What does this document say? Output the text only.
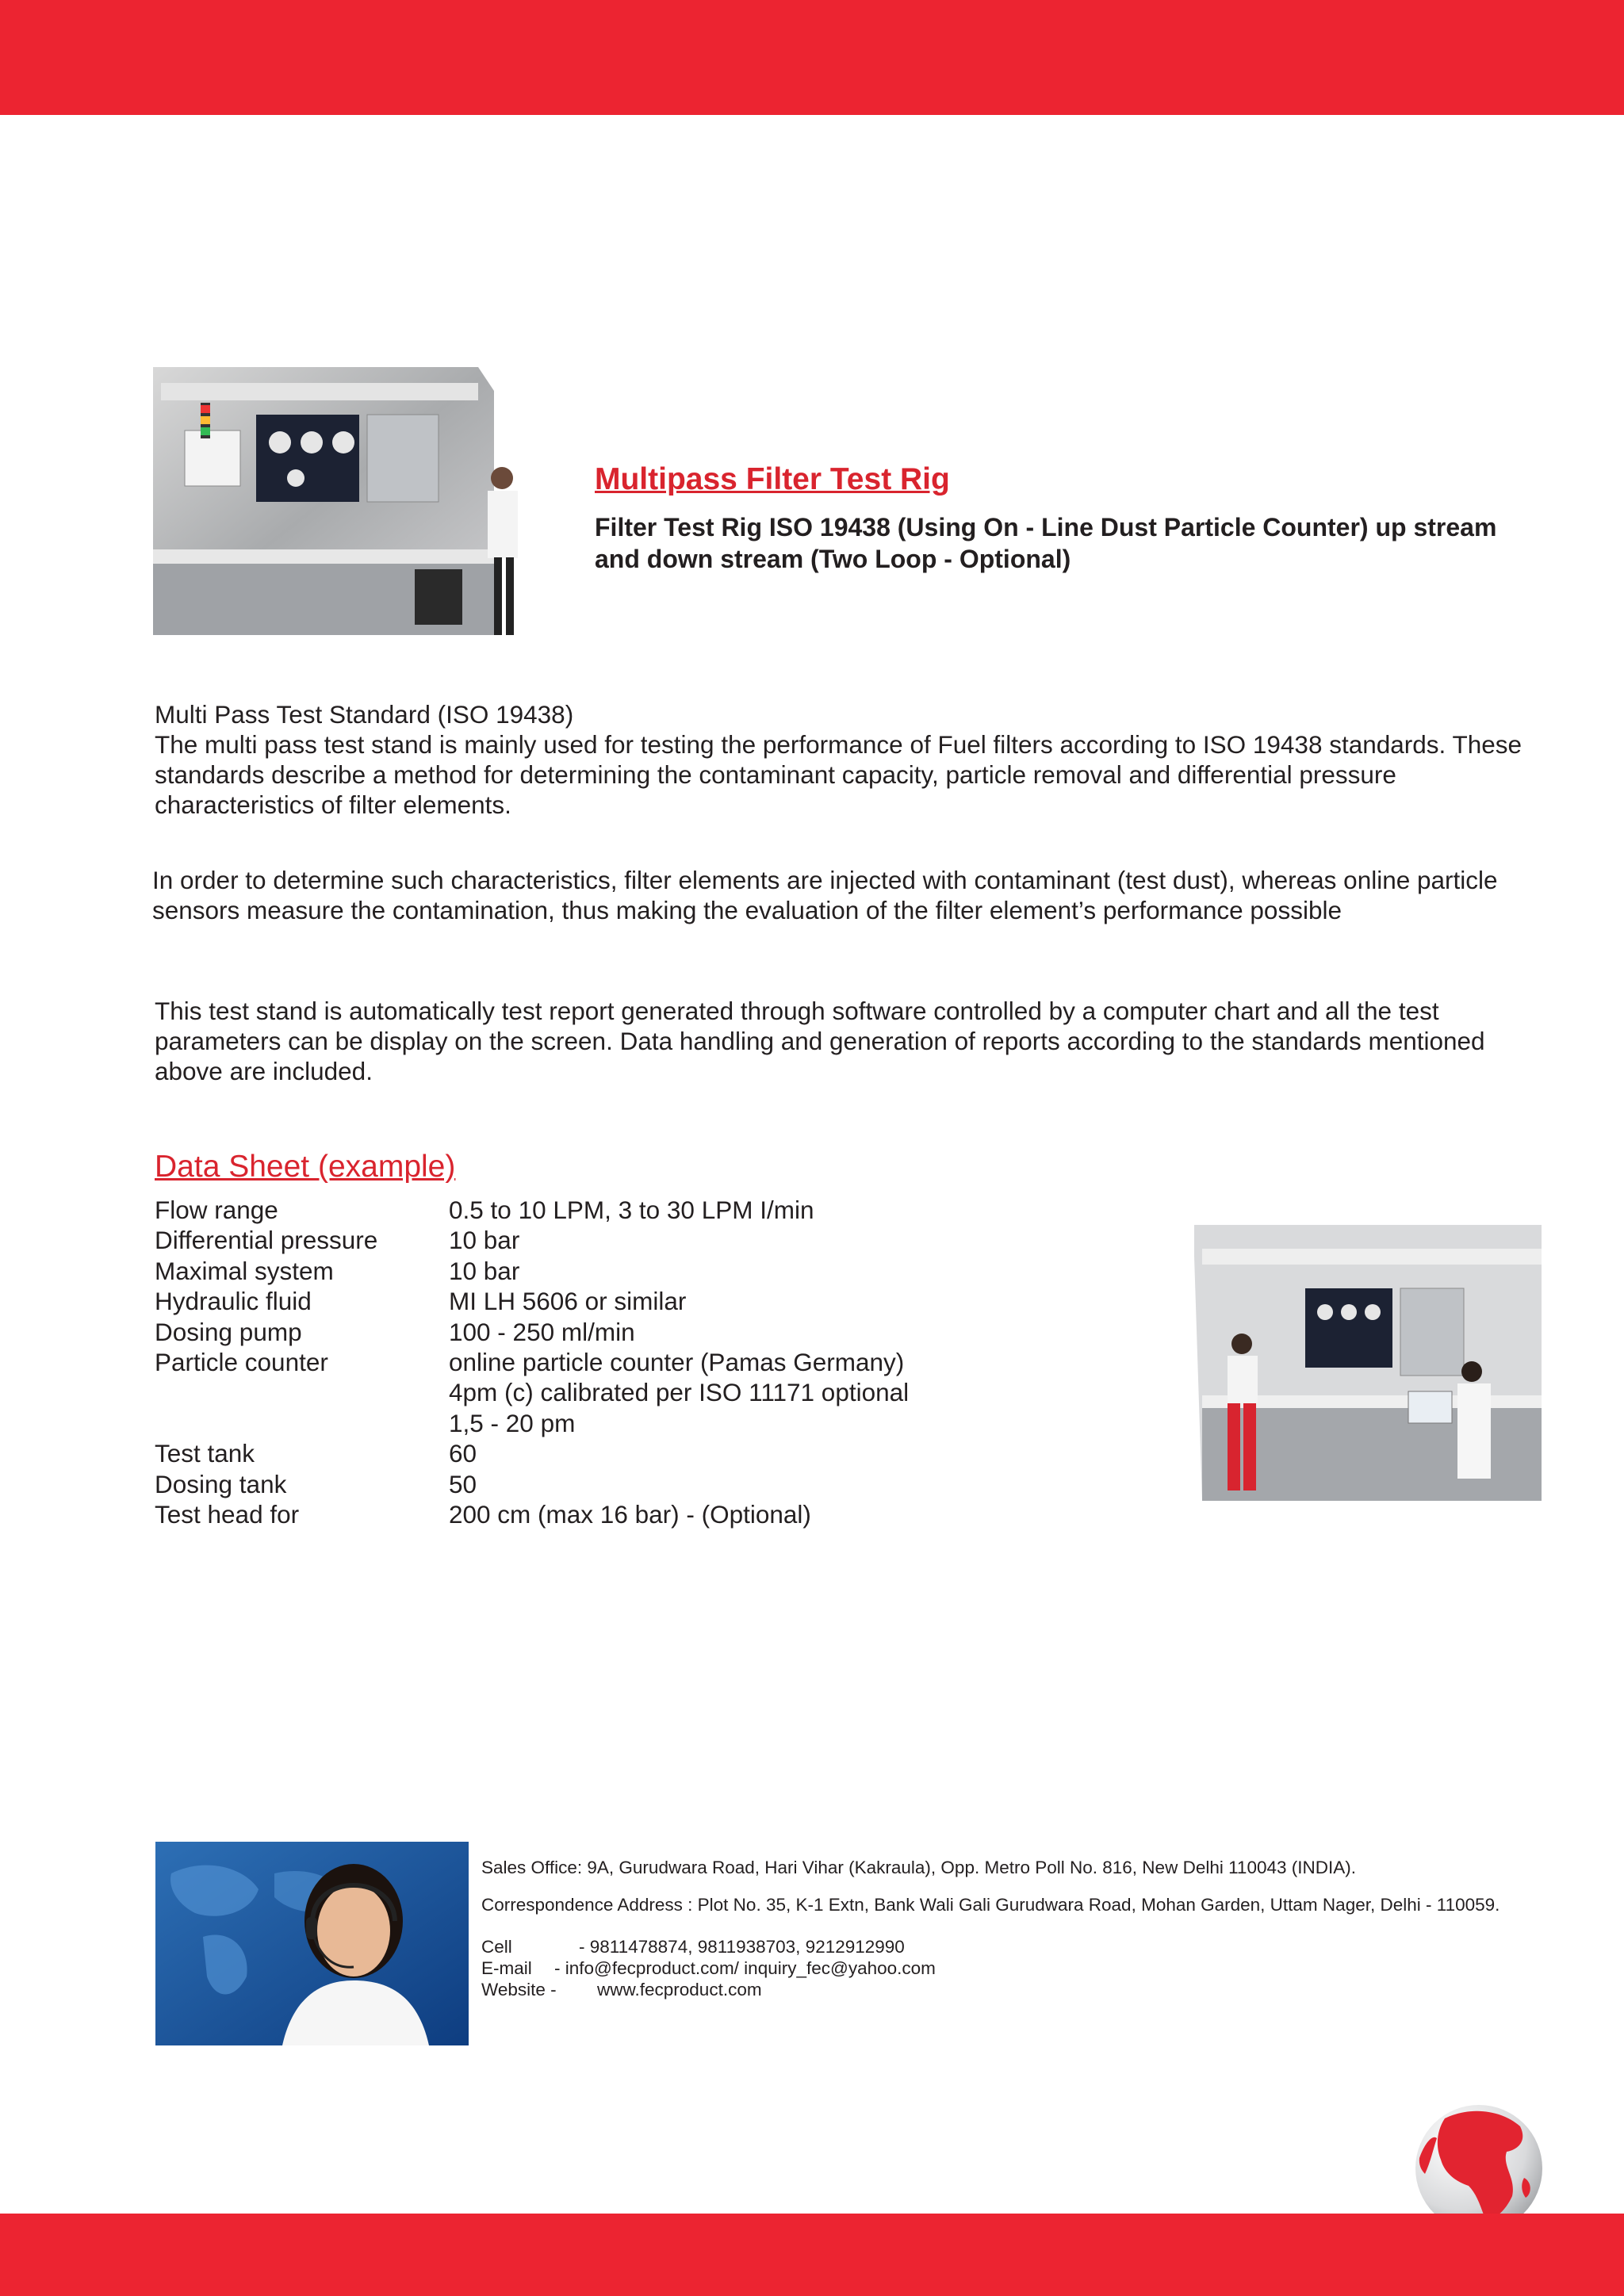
Multipass Filter Test Rig

Filter Test Rig ISO 19438 (Using On - Line Dust Particle Counter) up stream and down stream (Two Loop - Optional)

Multi Pass Test Standard (ISO 19438)

The multi pass test stand is mainly used for testing the performance of Fuel filters according to ISO 19438 standards. These standards describe a method for determining the contaminant capacity, particle removal and differential pressure characteristics of filter elements.

In order to determine such characteristics, filter elements are injected with contaminant (test dust), whereas online particle sensors measure the contamination, thus making the evaluation of the filter element’s performance possible

This test stand is automatically test report generated through software controlled by a computer chart and all the test parameters can be display on the screen. Data handling and generation of reports according to the standards mentioned above are included.

Data Sheet (example)
Flow range	0.5 to 10 LPM, 3 to 30 LPM I/min
Differential pressure	10 bar
Maximal system	10 bar
Hydraulic fluid	MI LH 5606 or similar
Dosing pump	100 - 250 ml/min
Particle counter	online particle counter (Pamas Germany)
	4pm (c) calibrated per ISO 11171 optional
	1,5 - 20 pm
Test tank	60
Dosing tank	50
Test head for	200 cm (max 16 bar) - (Optional)

Sales Office: 9A, Gurudwara Road, Hari Vihar (Kakraula), Opp. Metro Poll No. 816, New Delhi 110043 (INDIA).

Correspondence Address : Plot No. 35, K-1 Extn, Bank Wali Gali Gurudwara Road, Mohan Garden, Uttam Nager, Delhi - 110059.

Cell	- 9811478874, 9811938703, 9212912990

E-mail - info@fecproduct.com/ inquiry_fec@yahoo.com

Website - www.fecproduct.com
